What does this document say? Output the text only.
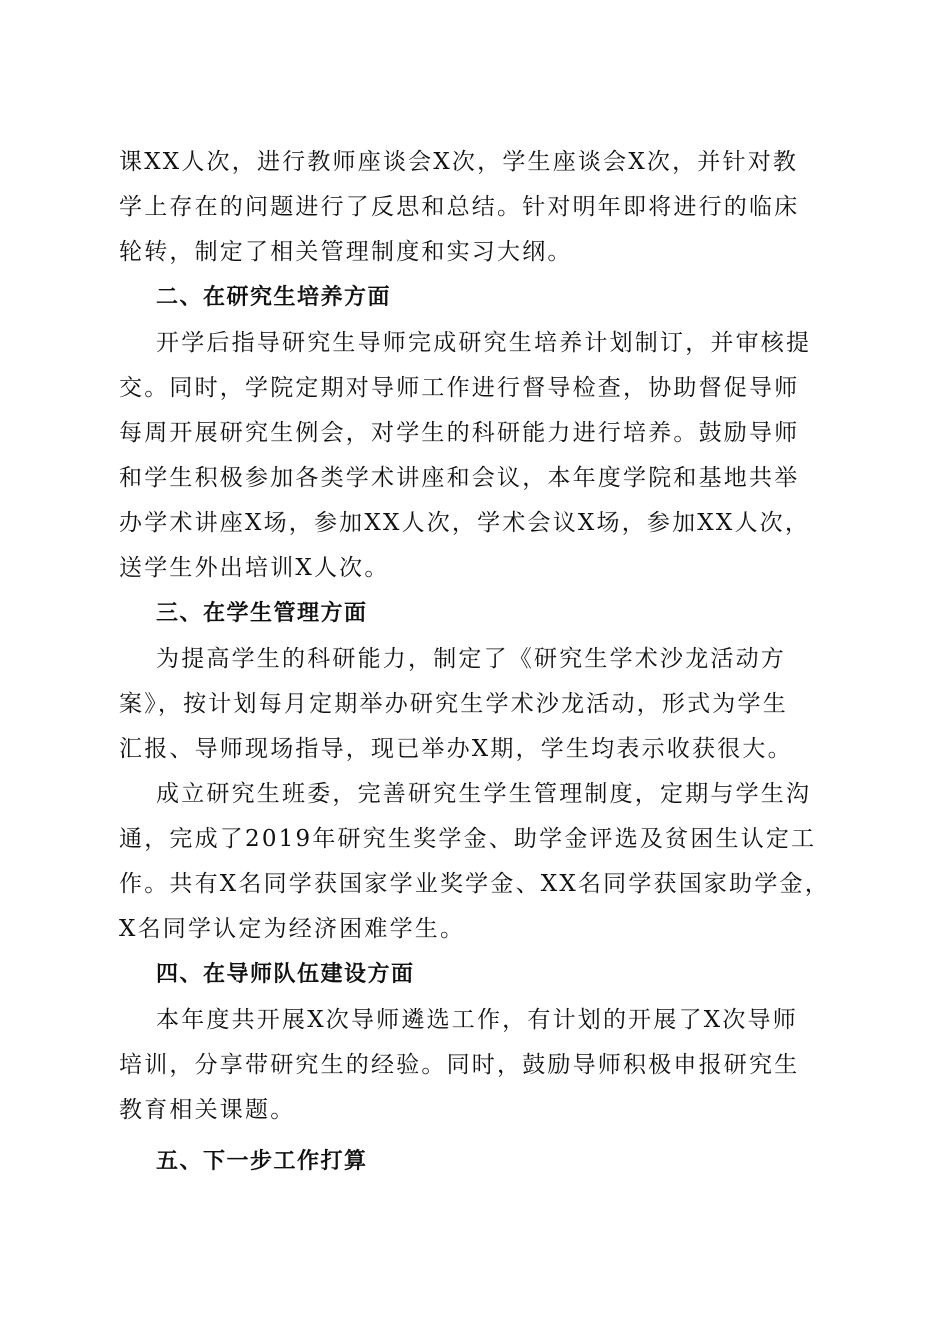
课XX人次，进行教师座谈会X次，学生座谈会X次，并针对教
学上存在的问题进行了反思和总结。针对明年即将进行的临床
轮转，制定了相关管理制度和实习大纲。
二、在研究生培养方面
开学后指导研究生导师完成研究生培养计划制订，并审核提
交。同时，学院定期对导师工作进行督导检查，协助督促导师
每周开展研究生例会，对学生的科研能力进行培养。鼓励导师
和学生积极参加各类学术讲座和会议，本年度学院和基地共举
办学术讲座X场，参加XX人次，学术会议X场，参加XX人次，
送学生外出培训X人次。
三、在学生管理方面
为提高学生的科研能力，制定了《研究生学术沙龙活动方
案》，按计划每月定期举办研究生学术沙龙活动，形式为学生
汇报、导师现场指导，现已举办X期，学生均表示收获很大。
成立研究生班委，完善研究生学生管理制度，定期与学生沟
通，完成了2019年研究生奖学金、助学金评选及贫困生认定工
作。共有X名同学获国家学业奖学金、XX名同学获国家助学金，
X名同学认定为经济困难学生。
四、在导师队伍建设方面
本年度共开展X次导师遴选工作，有计划的开展了X次导师
培训，分享带研究生的经验。同时，鼓励导师积极申报研究生
教育相关课题。
五、下一步工作打算
